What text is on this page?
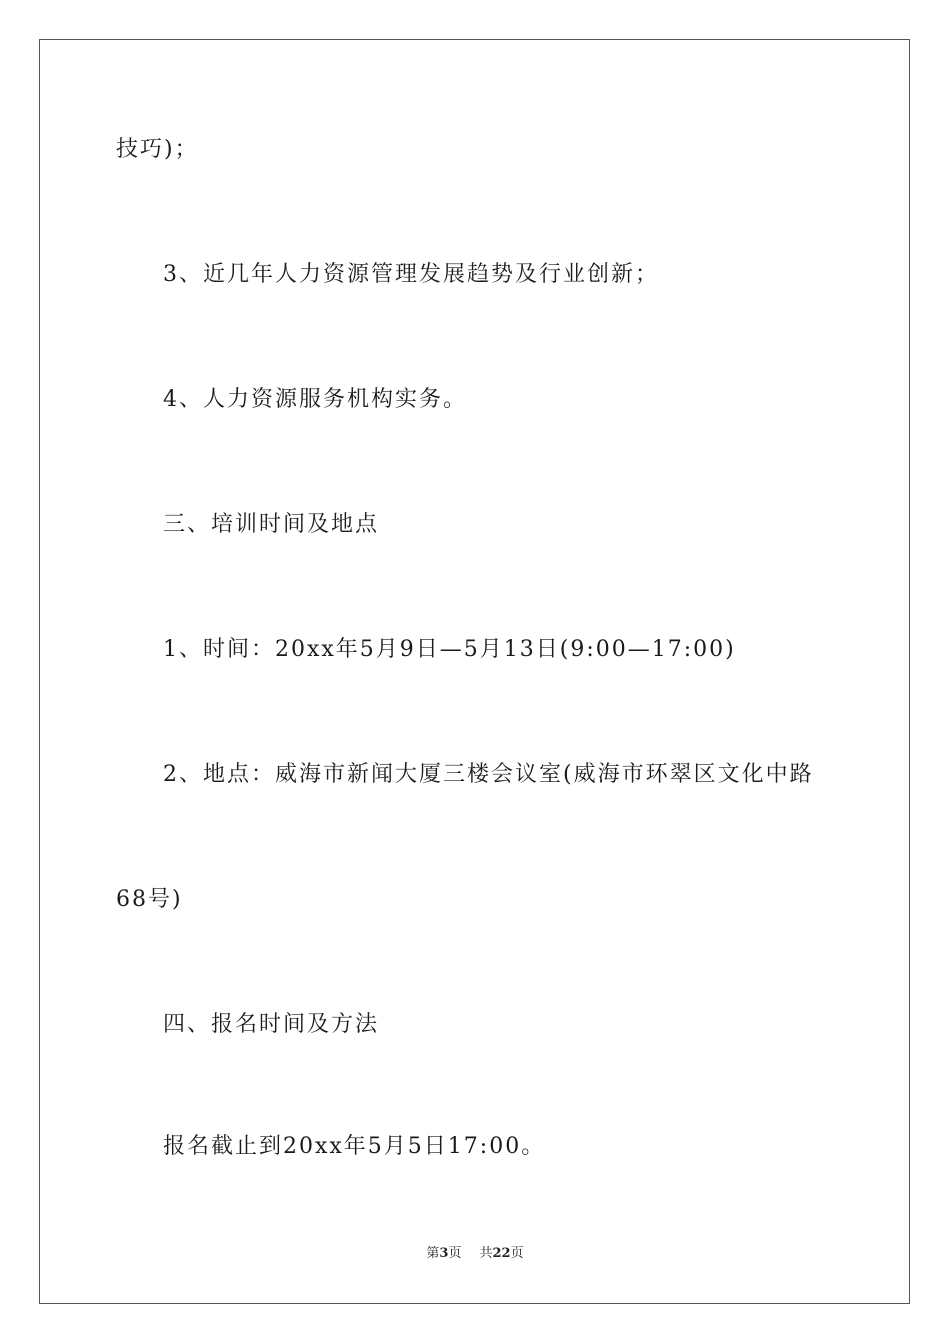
技巧)；
3、近几年人力资源管理发展趋势及行业创新；
4、人力资源服务机构实务。
三、培训时间及地点
1、时间：20xx年5月9日—5月13日(9:00—17:00)
2、地点：威海市新闻大厦三楼会议室(威海市环翠区文化中路
68号)
四、报名时间及方法
报名截止到20xx年5月5日17:00。
第3页 共22页
